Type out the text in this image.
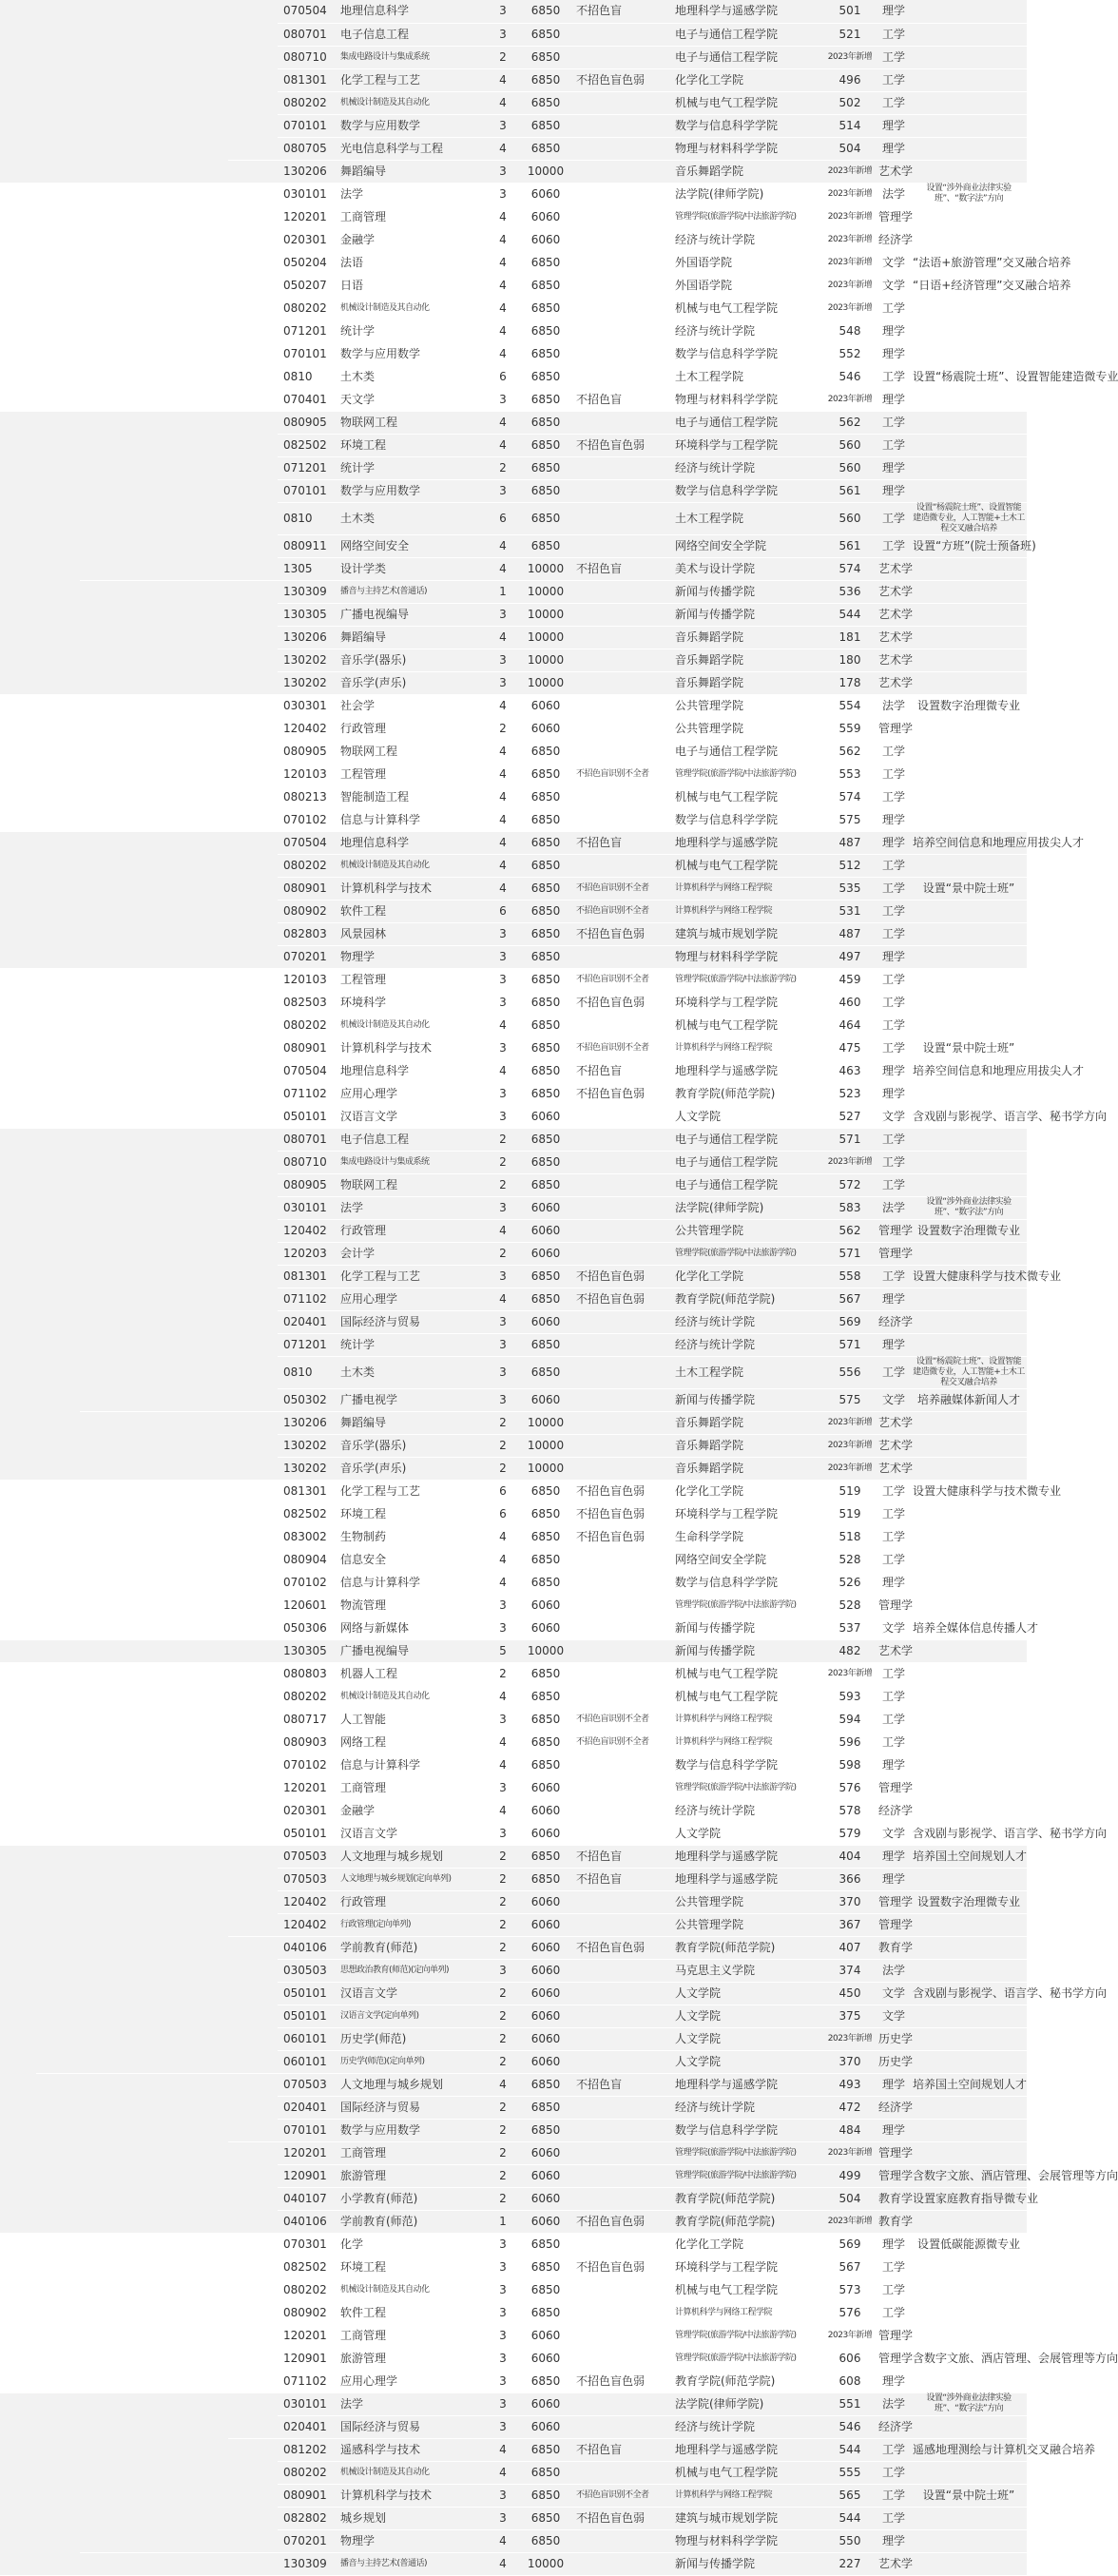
				070504	地理信息科学	3	6850	不招色盲	地理科学与遥感学院	501	理学	
				080701	电子信息工程	3	6850		电子与通信工程学院	521	工学	
				080710	集成电路设计与集成系统	2	6850		电子与通信工程学院	2023年新增	工学	
				081301	化学工程与工艺	4	6850	不招色盲色弱	化学化工学院	496	工学	
				080202	机械设计制造及其自动化	4	6850		机械与电气工程学院	502	工学	
				070101	数学与应用数学	3	6850		数学与信息科学学院	514	理学	
				080705	光电信息科学与工程	4	6850		物理与材料科学学院	504	理学	
				130206	舞蹈编导	3	10000		音乐舞蹈学院	2023年新增	艺术学	
				030101	法学	3	6060		法学院(律师学院)	2023年新增	法学	设置“涉外商业法律实验班”、“数字法”方向
				120201	工商管理	4	6060		管理学院(旅游学院/中法旅游学院)	2023年新增	管理学	
				020301	金融学	4	6060		经济与统计学院	2023年新增	经济学	
				050204	法语	4	6850		外国语学院	2023年新增	文学	“法语+旅游管理”交叉融合培养
				050207	日语	4	6850		外国语学院	2023年新增	文学	“日语+经济管理”交叉融合培养
				080202	机械设计制造及其自动化	4	6850		机械与电气工程学院	2023年新增	工学	
				071201	统计学	4	6850		经济与统计学院	548	理学	
				070101	数学与应用数学	4	6850		数学与信息科学学院	552	理学	
				0810	土木类	6	6850		土木工程学院	546	工学	设置“杨震院士班”、设置智能建造微专业
				070401	天文学	3	6850	不招色盲	物理与材料科学学院	2023年新增	理学	
				080905	物联网工程	4	6850		电子与通信工程学院	562	工学	
				082502	环境工程	4	6850	不招色盲色弱	环境科学与工程学院	560	工学	
				071201	统计学	2	6850		经济与统计学院	560	理学	
				070101	数学与应用数学	3	6850		数学与信息科学学院	561	理学	
				0810	土木类	6	6850		土木工程学院	560	工学	设置“杨震院士班”、设置智能建造微专业，人工智能+土木工程交叉融合培养
				080911	网络空间安全	4	6850		网络空间安全学院	561	工学	设置“方班”(院士预备班)
				1305	设计学类	4	10000	不招色盲	美术与设计学院	574	艺术学	
				130309	播音与主持艺术(普通话)	1	10000		新闻与传播学院	536	艺术学	
				130305	广播电视编导	3	10000		新闻与传播学院	544	艺术学	
				130206	舞蹈编导	4	10000		音乐舞蹈学院	181	艺术学	
				130202	音乐学(器乐)	3	10000		音乐舞蹈学院	180	艺术学	
				130202	音乐学(声乐)	3	10000		音乐舞蹈学院	178	艺术学	
				030301	社会学	4	6060		公共管理学院	554	法学	设置数字治理微专业
				120402	行政管理	2	6060		公共管理学院	559	管理学	
				080905	物联网工程	4	6850		电子与通信工程学院	562	工学	
				120103	工程管理	4	6850	不招色盲识别不全者	管理学院(旅游学院/中法旅游学院)	553	工学	
				080213	智能制造工程	4	6850		机械与电气工程学院	574	工学	
				070102	信息与计算科学	4	6850		数学与信息科学学院	575	理学	
				070504	地理信息科学	4	6850	不招色盲	地理科学与遥感学院	487	理学	培养空间信息和地理应用拔尖人才
				080202	机械设计制造及其自动化	4	6850		机械与电气工程学院	512	工学	
				080901	计算机科学与技术	4	6850	不招色盲识别不全者	计算机科学与网络工程学院	535	工学	设置“景中院士班”
				080902	软件工程	6	6850	不招色盲识别不全者	计算机科学与网络工程学院	531	工学	
				082803	风景园林	3	6850	不招色盲色弱	建筑与城市规划学院	487	工学	
				070201	物理学	3	6850		物理与材料科学学院	497	理学	
				120103	工程管理	3	6850	不招色盲识别不全者	管理学院(旅游学院/中法旅游学院)	459	工学	
				082503	环境科学	3	6850	不招色盲色弱	环境科学与工程学院	460	工学	
				080202	机械设计制造及其自动化	4	6850		机械与电气工程学院	464	工学	
				080901	计算机科学与技术	3	6850	不招色盲识别不全者	计算机科学与网络工程学院	475	工学	设置“景中院士班”
				070504	地理信息科学	4	6850	不招色盲	地理科学与遥感学院	463	理学	培养空间信息和地理应用拔尖人才
				071102	应用心理学	3	6850	不招色盲色弱	教育学院(师范学院)	523	理学	
				050101	汉语言文学	3	6060		人文学院	527	文学	含戏剧与影视学、语言学、秘书学方向
				080701	电子信息工程	2	6850		电子与通信工程学院	571	工学	
				080710	集成电路设计与集成系统	2	6850		电子与通信工程学院	2023年新增	工学	
				080905	物联网工程	2	6850		电子与通信工程学院	572	工学	
				030101	法学	3	6060		法学院(律师学院)	583	法学	设置“涉外商业法律实验班”、“数字法”方向
				120402	行政管理	4	6060		公共管理学院	562	管理学	设置数字治理微专业
				120203	会计学	2	6060		管理学院(旅游学院/中法旅游学院)	571	管理学	
				081301	化学工程与工艺	3	6850	不招色盲色弱	化学化工学院	558	工学	设置大健康科学与技术微专业
				071102	应用心理学	4	6850	不招色盲色弱	教育学院(师范学院)	567	理学	
				020401	国际经济与贸易	3	6060		经济与统计学院	569	经济学	
				071201	统计学	3	6850		经济与统计学院	571	理学	
				0810	土木类	3	6850		土木工程学院	556	工学	设置“杨震院士班”、设置智能建造微专业，人工智能+土木工程交叉融合培养
				050302	广播电视学	3	6060		新闻与传播学院	575	文学	培养融媒体新闻人才
				130206	舞蹈编导	2	10000		音乐舞蹈学院	2023年新增	艺术学	
				130202	音乐学(器乐)	2	10000		音乐舞蹈学院	2023年新增	艺术学	
				130202	音乐学(声乐)	2	10000		音乐舞蹈学院	2023年新增	艺术学	
				081301	化学工程与工艺	6	6850	不招色盲色弱	化学化工学院	519	工学	设置大健康科学与技术微专业
				082502	环境工程	6	6850	不招色盲色弱	环境科学与工程学院	519	工学	
				083002	生物制药	4	6850	不招色盲色弱	生命科学学院	518	工学	
				080904	信息安全	4	6850		网络空间安全学院	528	工学	
				070102	信息与计算科学	4	6850		数学与信息科学学院	526	理学	
				120601	物流管理	3	6060		管理学院(旅游学院/中法旅游学院)	528	管理学	
				050306	网络与新媒体	3	6060		新闻与传播学院	537	文学	培养全媒体信息传播人才
				130305	广播电视编导	5	10000		新闻与传播学院	482	艺术学	
				080803	机器人工程	2	6850		机械与电气工程学院	2023年新增	工学	
				080202	机械设计制造及其自动化	4	6850		机械与电气工程学院	593	工学	
				080717	人工智能	3	6850	不招色盲识别不全者	计算机科学与网络工程学院	594	工学	
				080903	网络工程	4	6850	不招色盲识别不全者	计算机科学与网络工程学院	596	工学	
				070102	信息与计算科学	4	6850		数学与信息科学学院	598	理学	
				120201	工商管理	3	6060		管理学院(旅游学院/中法旅游学院)	576	管理学	
				020301	金融学	4	6060		经济与统计学院	578	经济学	
				050101	汉语言文学	3	6060		人文学院	579	文学	含戏剧与影视学、语言学、秘书学方向
				070503	人文地理与城乡规划	2	6850	不招色盲	地理科学与遥感学院	404	理学	培养国土空间规划人才
				070503	人文地理与城乡规划(定向单列)	2	6850	不招色盲	地理科学与遥感学院	366	理学	
				120402	行政管理	2	6060		公共管理学院	370	管理学	设置数字治理微专业
				120402	行政管理(定向单列)	2	6060		公共管理学院	367	管理学	
				040106	学前教育(师范)	2	6060	不招色盲色弱	教育学院(师范学院)	407	教育学	
				030503	思想政治教育(师范)(定向单列)	3	6060		马克思主义学院	374	法学	
				050101	汉语言文学	2	6060		人文学院	450	文学	含戏剧与影视学、语言学、秘书学方向
				050101	汉语言文学(定向单列)	2	6060		人文学院	375	文学	
				060101	历史学(师范)	2	6060		人文学院	2023年新增	历史学	
				060101	历史学(师范)(定向单列)	2	6060		人文学院	370	历史学	
				070503	人文地理与城乡规划	4	6850	不招色盲	地理科学与遥感学院	493	理学	培养国土空间规划人才
				020401	国际经济与贸易	2	6850		经济与统计学院	472	经济学	
				070101	数学与应用数学	2	6850		数学与信息科学学院	484	理学	
				120201	工商管理	2	6060		管理学院(旅游学院/中法旅游学院)	2023年新增	管理学	
				120901	旅游管理	2	6060		管理学院(旅游学院/中法旅游学院)	499	管理学	含数字文旅、酒店管理、会展管理等方向
				040107	小学教育(师范)	2	6060		教育学院(师范学院)	504	教育学	设置家庭教育指导微专业
				040106	学前教育(师范)	1	6060	不招色盲色弱	教育学院(师范学院)	2023年新增	教育学	
				070301	化学	3	6850		化学化工学院	569	理学	设置低碳能源微专业
				082502	环境工程	3	6850	不招色盲色弱	环境科学与工程学院	567	工学	
				080202	机械设计制造及其自动化	3	6850		机械与电气工程学院	573	工学	
				080902	软件工程	3	6850		计算机科学与网络工程学院	576	工学	
				120201	工商管理	3	6060		管理学院(旅游学院/中法旅游学院)	2023年新增	管理学	
				120901	旅游管理	3	6060		管理学院(旅游学院/中法旅游学院)	606	管理学	含数字文旅、酒店管理、会展管理等方向
				071102	应用心理学	3	6850	不招色盲色弱	教育学院(师范学院)	608	理学	
				030101	法学	3	6060		法学院(律师学院)	551	法学	设置“涉外商业法律实验班”、“数字法”方向
				020401	国际经济与贸易	3	6060		经济与统计学院	546	经济学	
				081202	遥感科学与技术	4	6850	不招色盲	地理科学与遥感学院	544	工学	遥感地理测绘与计算机交叉融合培养
				080202	机械设计制造及其自动化	4	6850		机械与电气工程学院	555	工学	
				080901	计算机科学与技术	3	6850	不招色盲识别不全者	计算机科学与网络工程学院	565	工学	设置“景中院士班”
				082802	城乡规划	3	6850	不招色盲色弱	建筑与城市规划学院	544	工学	
				070201	物理学	4	6850		物理与材料科学学院	550	理学	
				130309	播音与主持艺术(普通话)	4	10000		新闻与传播学院	227	艺术学	
